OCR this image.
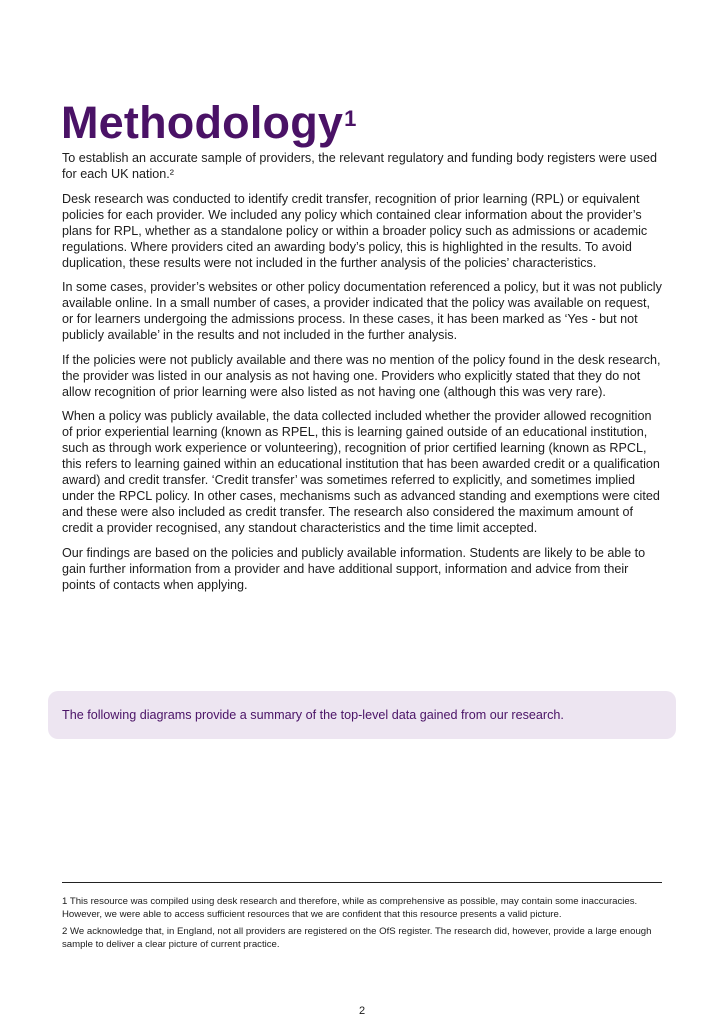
Methodology$^1$

To establish an accurate sample of providers, the relevant regulatory and funding body registers were used for each UK nation.²

Desk research was conducted to identify credit transfer, recognition of prior learning (RPL) or equivalent policies for each provider. We included any policy which contained clear information about the provider’s plans for RPL, whether as a standalone policy or within a broader policy such as admissions or academic regulations. Where providers cited an awarding body’s policy, this is highlighted in the results. To avoid duplication, these results were not included in the further analysis of the policies’ characteristics.

In some cases, provider’s websites or other policy documentation referenced a policy, but it was not publicly available online. In a small number of cases, a provider indicated that the policy was available on request, or for learners undergoing the admissions process. In these cases, it has been marked as ‘Yes - but not publicly available’ in the results and not included in the further analysis.

If the policies were not publicly available and there was no mention of the policy found in the desk research, the provider was listed in our analysis as not having one. Providers who explicitly stated that they do not allow recognition of prior learning were also listed as not having one (although this was very rare).

When a policy was publicly available, the data collected included whether the provider allowed recognition of prior experiential learning (known as RPEL, this is learning gained outside of an educational institution, such as through work experience or volunteering), recognition of prior certified learning (known as RPCL, this refers to learning gained within an educational institution that has been awarded credit or a qualification award) and credit transfer. ‘Credit transfer’ was sometimes referred to explicitly, and sometimes implied under the RPCL policy. In other cases, mechanisms such as advanced standing and exemptions were cited and these were also included as credit transfer. The research also considered the maximum amount of credit a provider recognised, any standout characteristics and the time limit accepted.

Our findings are based on the policies and publicly available information. Students are likely to be able to gain further information from a provider and have additional support, information and advice from their points of contacts when applying.

The following diagrams provide a summary of the top-level data gained from our research.

1 This resource was compiled using desk research and therefore, while as comprehensive as possible, may contain some inaccuracies. However, we were able to access sufficient resources that we are confident that this resource presents a valid picture.

2 We acknowledge that, in England, not all providers are registered on the OfS register. The research did, however, provide a large enough sample to deliver a clear picture of current practice.

2
